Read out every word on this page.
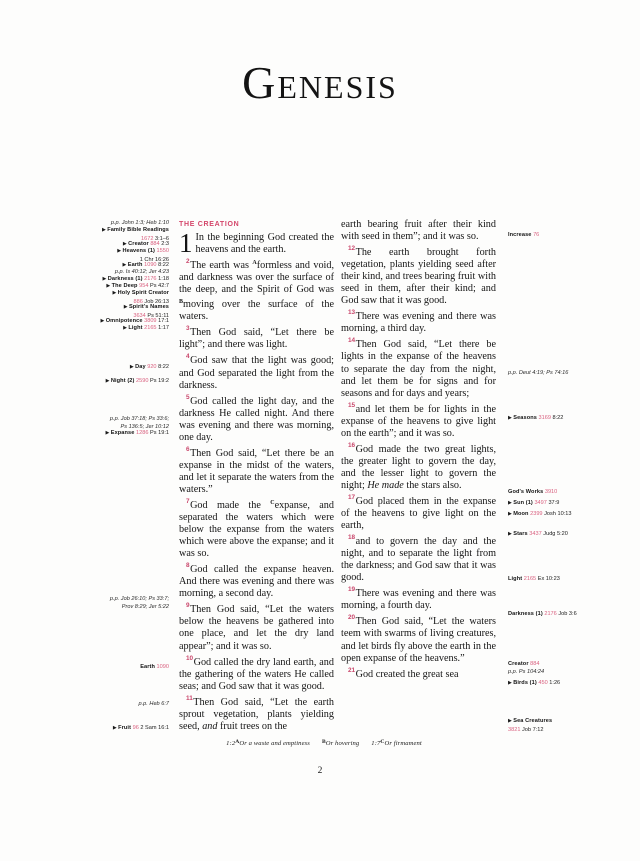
Genesis
p.p. John 1:3; Heb 1:10
▶ Family Bible Readings
1672 3:1–6
▶ Creator 884 2:3
▶ Heavens (1) 1550
1 Chr 16:26
▶ Earth 1090 8:22
p.p. Is 40:12; Jer 4:23
▶ Darkness (1) 2176 1:18
▶ The Deep 954 Ps 42:7
▶ Holy Spirit Creator
886 Job 26:13
▶ Spirit's Names
3634 Ps 51:11
▶ Omnipotence 3809 17:1
▶ Light 2165 1:17
▶ Day 920 8:22
▶ Night (2) 2590 Ps 19:2
p.p. Job 37:18; Ps 33:6;
Ps 136:5; Jer 10:12
▶ Expanse 1286 Ps 19:1
p.p. Job 26:10; Ps 33:7;
Prov 8:29; Jer 5:22
Earth 1090
p.p. Heb 6:7
▶ Fruit 96 2 Sam 16:1
THE CREATION

1 In the beginning God created the heavens and the earth.

$^2$The earth was $^A$formless and void, and darkness was over the surface of the deep, and the Spirit of God was $^B$moving over the surface of the waters.

$^3$Then God said, “Let there be light”; and there was light.

$^4$God saw that the light was good; and God separated the light from the darkness.

$^5$God called the light day, and the darkness He called night. And there was evening and there was morning, one day.

$^6$Then God said, “Let there be an expanse in the midst of the waters, and let it separate the waters from the waters.”

$^7$God made the $^C$expanse, and separated the waters which were below the expanse from the waters which were above the expanse; and it was so.

$^8$God called the expanse heaven. And there was evening and there was morning, a second day.

$^9$Then God said, “Let the waters below the heavens be gathered into one place, and let the dry land appear”; and it was so.

$^{10}$God called the dry land earth, and the gathering of the waters He called seas; and God saw that it was good.

$^{11}$Then God said, “Let the earth sprout vegetation, plants yielding seed, and fruit trees on the

earth bearing fruit after their kind with seed in them”; and it was so.

$^{12}$The earth brought forth vegetation, plants yielding seed after their kind, and trees bearing fruit with seed in them, after their kind; and God saw that it was good.

$^{13}$There was evening and there was morning, a third day.

$^{14}$Then God said, “Let there be lights in the expanse of the heavens to separate the day from the night, and let them be for signs and for seasons and for days and years;

$^{15}$and let them be for lights in the expanse of the heavens to give light on the earth”; and it was so.

$^{16}$God made the two great lights, the greater light to govern the day, and the lesser light to govern the night; He made the stars also.

$^{17}$God placed them in the expanse of the heavens to give light on the earth,

$^{18}$and to govern the day and the night, and to separate the light from the darkness; and God saw that it was good.

$^{19}$There was evening and there was morning, a fourth day.

$^{20}$Then God said, “Let the waters teem with swarms of living creatures, and let birds fly above the earth in the open expanse of the heavens.”

$^{21}$God created the great sea

Increase 76
p.p. Deut 4:19; Ps 74:16
▶ Seasons 3169 8:22
God's Works 3910
▶ Sun (1) 3497 37:9
▶ Moon 2399 Josh 10:13
▶ Stars 3437 Judg 5:20
Light 2165 Ex 10:23
Darkness (1) 2176 Job 3:6
Creator 884
p.p. Ps 104:24
▶ Birds (1) 450 1:26
▶ Sea Creatures
3821 Job 7:12
$1:2^AOr$ a waste and emptiness $^B$Or hovering $1:7^COr$ firmament
2
